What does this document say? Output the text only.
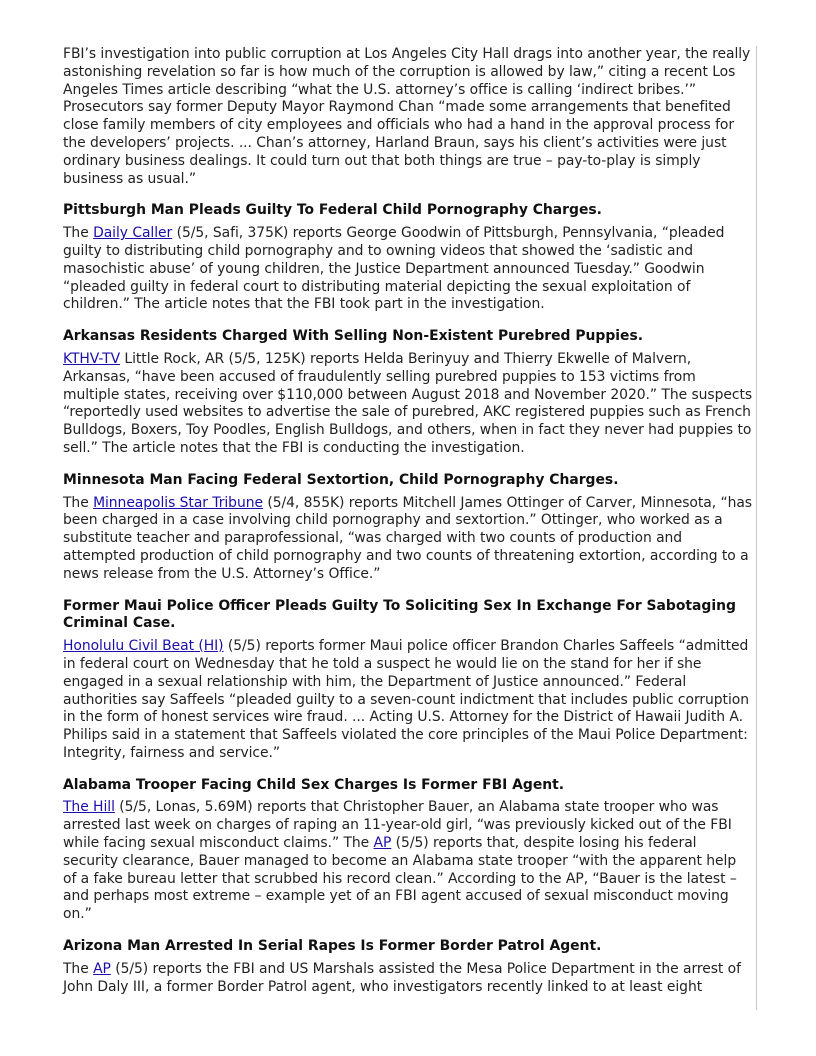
FBI’s investigation into public corruption at Los Angeles City Hall drags into another year, the really astonishing revelation so far is how much of the corruption is allowed by law,” citing a recent Los Angeles Times article describing “what the U.S. attorney’s office is calling ‘indirect bribes.’” Prosecutors say former Deputy Mayor Raymond Chan “made some arrangements that benefited close family members of city employees and officials who had a hand in the approval process for the developers’ projects. ... Chan’s attorney, Harland Braun, says his client’s activities were just ordinary business dealings. It could turn out that both things are true – pay-to-play is simply business as usual.”

Pittsburgh Man Pleads Guilty To Federal Child Pornography Charges.

The Daily Caller (5/5, Safi, 375K) reports George Goodwin of Pittsburgh, Pennsylvania, “pleaded guilty to distributing child pornography and to owning videos that showed the ‘sadistic and masochistic abuse’ of young children, the Justice Department announced Tuesday.” Goodwin “pleaded guilty in federal court to distributing material depicting the sexual exploitation of children.” The article notes that the FBI took part in the investigation.

Arkansas Residents Charged With Selling Non-Existent Purebred Puppies.

KTHV-TV Little Rock, AR (5/5, 125K) reports Helda Berinyuy and Thierry Ekwelle of Malvern, Arkansas, “have been accused of fraudulently selling purebred puppies to 153 victims from multiple states, receiving over $110,000 between August 2018 and November 2020.” The suspects “reportedly used websites to advertise the sale of purebred, AKC registered puppies such as French Bulldogs, Boxers, Toy Poodles, English Bulldogs, and others, when in fact they never had puppies to sell.” The article notes that the FBI is conducting the investigation.

Minnesota Man Facing Federal Sextortion, Child Pornography Charges.

The Minneapolis Star Tribune (5/4, 855K) reports Mitchell James Ottinger of Carver, Minnesota, “has been charged in a case involving child pornography and sextortion.” Ottinger, who worked as a substitute teacher and paraprofessional, “was charged with two counts of production and attempted production of child pornography and two counts of threatening extortion, according to a news release from the U.S. Attorney’s Office.”

Former Maui Police Officer Pleads Guilty To Soliciting Sex In Exchange For Sabotaging Criminal Case.

Honolulu Civil Beat (HI) (5/5) reports former Maui police officer Brandon Charles Saffeels “admitted in federal court on Wednesday that he told a suspect he would lie on the stand for her if she engaged in a sexual relationship with him, the Department of Justice announced.” Federal authorities say Saffeels “pleaded guilty to a seven-count indictment that includes public corruption in the form of honest services wire fraud. ... Acting U.S. Attorney for the District of Hawaii Judith A. Philips said in a statement that Saffeels violated the core principles of the Maui Police Department: Integrity, fairness and service.”

Alabama Trooper Facing Child Sex Charges Is Former FBI Agent.

The Hill (5/5, Lonas, 5.69M) reports that Christopher Bauer, an Alabama state trooper who was arrested last week on charges of raping an 11-year-old girl, “was previously kicked out of the FBI while facing sexual misconduct claims.” The AP (5/5) reports that, despite losing his federal security clearance, Bauer managed to become an Alabama state trooper “with the apparent help of a fake bureau letter that scrubbed his record clean.” According to the AP, “Bauer is the latest – and perhaps most extreme – example yet of an FBI agent accused of sexual misconduct moving on.”

Arizona Man Arrested In Serial Rapes Is Former Border Patrol Agent.

The AP (5/5) reports the FBI and US Marshals assisted the Mesa Police Department in the arrest of John Daly III, a former Border Patrol agent, who investigators recently linked to at least eight
